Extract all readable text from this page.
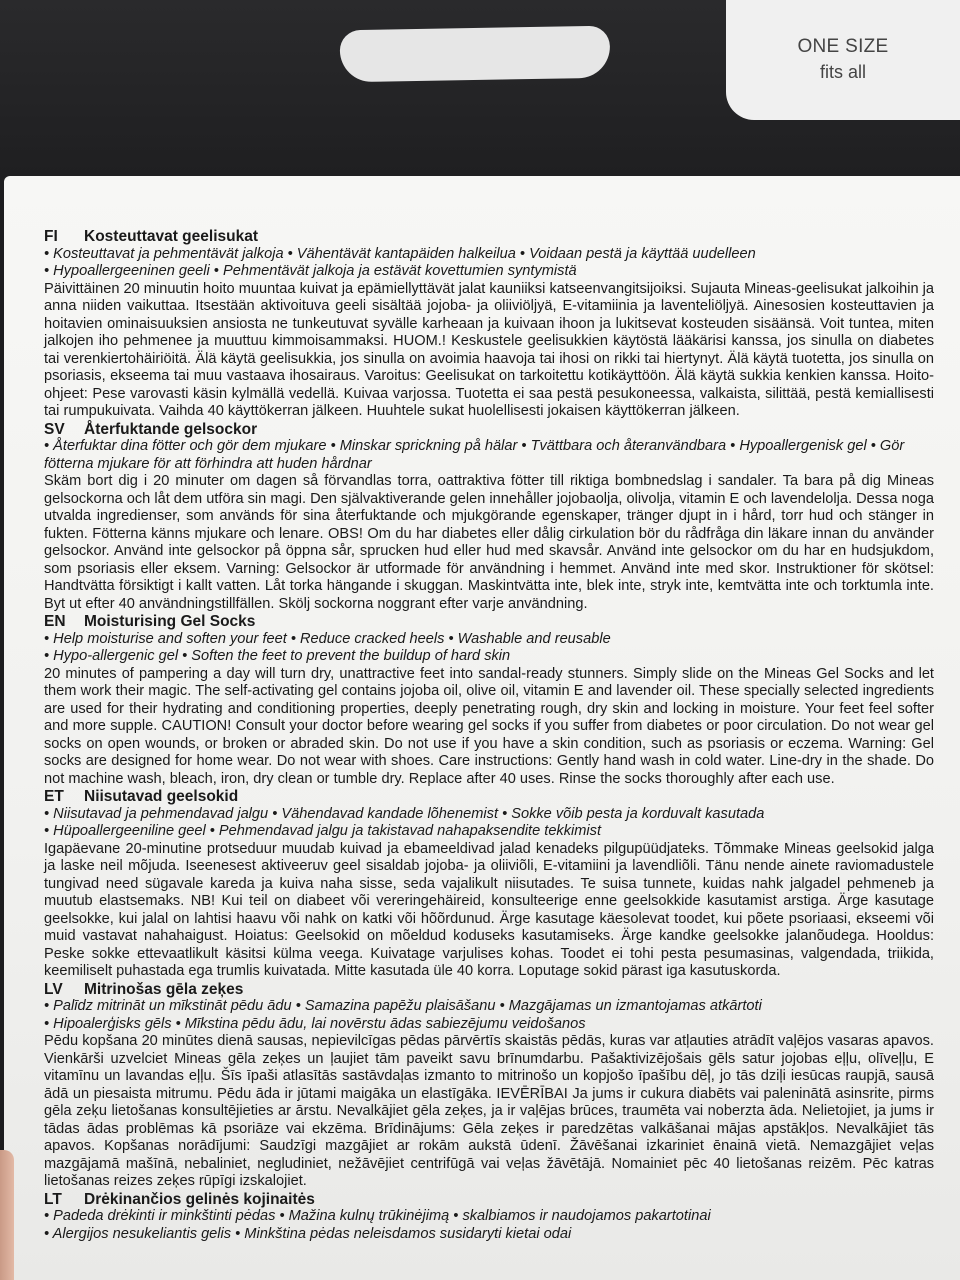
ONE SIZE
fits all

FI Kosteuttavat geelisukat

• Kosteuttavat ja pehmentävät jalkoja • Vähentävät kantapäiden halkeilua • Voidaan pestä ja käyttää uudelleen

• Hypoallergeeninen geeli • Pehmentävät jalkoja ja estävät kovettumien syntymistä

Päivittäinen 20 minuutin hoito muuntaa kuivat ja epämiellyttävät jalat kauniiksi katseenvangitsijoiksi. Sujauta Mineas-geelisukat jalkoihin ja anna niiden vaikuttaa. Itsestään aktivoituva geeli sisältää jojoba- ja oliiviöljyä, E-vitamiinia ja laventeliöljyä. Ainesosien kosteuttavien ja hoitavien ominaisuuksien ansiosta ne tunkeutuvat syvälle karheaan ja kuivaan ihoon ja lukitsevat kosteuden sisäänsä. Voit tuntea, miten jalkojen iho pehmenee ja muuttuu kimmoisammaksi. HUOM.! Keskustele geelisukkien käytöstä lääkärisi kanssa, jos sinulla on diabetes tai verenkiertohäiriöitä. Älä käytä geelisukkia, jos sinulla on avoimia haavoja tai ihosi on rikki tai hiertynyt. Älä käytä tuotetta, jos sinulla on psoriasis, ekseema tai muu vastaava ihosairaus. Varoitus: Geelisukat on tarkoitettu kotikäyttöön. Älä käytä sukkia kenkien kanssa. Hoito-ohjeet: Pese varovasti käsin kylmällä vedellä. Kuivaa varjossa. Tuotetta ei saa pestä pesukoneessa, valkaista, silittää, pestä kemiallisesti tai rumpukuivata. Vaihda 40 käyttökerran jälkeen. Huuhtele sukat huolellisesti jokaisen käyttökerran jälkeen.

SV Återfuktande gelsockor

• Återfuktar dina fötter och gör dem mjukare • Minskar sprickning på hälar • Tvättbara och återanvändbara • Hypoallergenisk gel • Gör fötterna mjukare för att förhindra att huden hårdnar

Skäm bort dig i 20 minuter om dagen så förvandlas torra, oattraktiva fötter till riktiga bombnedslag i sandaler. Ta bara på dig Mineas gelsockorna och låt dem utföra sin magi. Den självaktiverande gelen innehåller jojobaolja, olivolja, vitamin E och lavendelolja. Dessa noga utvalda ingredienser, som används för sina återfuktande och mjukgörande egenskaper, tränger djupt in i hård, torr hud och stänger in fukten. Fötterna känns mjukare och lenare. OBS! Om du har diabetes eller dålig cirkulation bör du rådfråga din läkare innan du använder gelsockor. Använd inte gelsockor på öppna sår, sprucken hud eller hud med skavsår. Använd inte gelsockor om du har en hudsjukdom, som psoriasis eller eksem. Varning: Gelsockor är utformade för användning i hemmet. Använd inte med skor. Instruktioner för skötsel: Handtvätta försiktigt i kallt vatten. Låt torka hängande i skuggan. Maskintvätta inte, blek inte, stryk inte, kemtvätta inte och torktumla inte. Byt ut efter 40 användningstillfällen. Skölj sockorna noggrant efter varje användning.

EN Moisturising Gel Socks

• Help moisturise and soften your feet • Reduce cracked heels • Washable and reusable

• Hypo-allergenic gel • Soften the feet to prevent the buildup of hard skin

20 minutes of pampering a day will turn dry, unattractive feet into sandal-ready stunners. Simply slide on the Mineas Gel Socks and let them work their magic. The self-activating gel contains jojoba oil, olive oil, vitamin E and lavender oil. These specially selected ingredients are used for their hydrating and conditioning properties, deeply penetrating rough, dry skin and locking in moisture. Your feet feel softer and more supple. CAUTION! Consult your doctor before wearing gel socks if you suffer from diabetes or poor circulation. Do not wear gel socks on open wounds, or broken or abraded skin. Do not use if you have a skin condition, such as psoriasis or eczema. Warning: Gel socks are designed for home wear. Do not wear with shoes. Care instructions: Gently hand wash in cold water. Line-dry in the shade. Do not machine wash, bleach, iron, dry clean or tumble dry. Replace after 40 uses. Rinse the socks thoroughly after each use.

ET Niisutavad geelsokid

• Niisutavad ja pehmendavad jalgu • Vähendavad kandade lõhenemist • Sokke võib pesta ja korduvalt kasutada

• Hüpoallergeeniline geel • Pehmendavad jalgu ja takistavad nahapaksendite tekkimist

Igapäevane 20-minutine protseduur muudab kuivad ja ebameeldivad jalad kenadeks pilgupüüdjateks. Tõmmake Mineas geelsokid jalga ja laske neil mõjuda. Iseenesest aktiveeruv geel sisaldab jojoba- ja oliiviõli, E-vitamiini ja lavendliõli. Tänu nende ainete raviomadustele tungivad need sügavale kareda ja kuiva naha sisse, seda vajalikult niisutades. Te suisa tunnete, kuidas nahk jalgadel pehmeneb ja muutub elastsemaks. NB! Kui teil on diabeet või vereringehäireid, konsulteerige enne geelsokkide kasutamist arstiga. Ärge kasutage geelsokke, kui jalal on lahtisi haavu või nahk on katki või hõõrdunud. Ärge kasutage käesolevat toodet, kui põete psoriaasi, ekseemi või muid vastavat nahahaigust. Hoiatus: Geelsokid on mõeldud koduseks kasutamiseks. Ärge kandke geelsokke jalanõudega. Hooldus: Peske sokke ettevaatlikult käsitsi külma veega. Kuivatage varjulises kohas. Toodet ei tohi pesta pesumasinas, valgendada, triikida, keemiliselt puhastada ega trumlis kuivatada. Mitte kasutada üle 40 korra. Loputage sokid pärast iga kasutuskorda.

LV Mitrinošas gēla zeķes

• Palīdz mitrināt un mīkstināt pēdu ādu • Samazina papēžu plaisāšanu • Mazgājamas un izmantojamas atkārtoti

• Hipoalerģisks gēls • Mīkstina pēdu ādu, lai novērstu ādas sabiezējumu veidošanos

Pēdu kopšana 20 minūtes dienā sausas, nepievilcīgas pēdas pārvērtīs skaistās pēdās, kuras var atļauties atrādīt vaļējos vasaras apavos. Vienkārši uzvelciet Mineas gēla zeķes un ļaujiet tām paveikt savu brīnumdarbu. Pašaktivizējošais gēls satur jojobas eļļu, olīveļļu, E vitamīnu un lavandas eļļu. Šīs īpaši atlasītās sastāvdaļas izmanto to mitrinošo un kopjošo īpašību dēļ, jo tās dziļi iesūcas raupjā, sausā ādā un piesaista mitrumu. Pēdu āda ir jūtami maigāka un elastīgāka. IEVĒRĪBAI Ja jums ir cukura diabēts vai paleninātā asinsrite, pirms gēla zeķu lietošanas konsultējieties ar ārstu. Nevalkājiet gēla zeķes, ja ir vaļējas brūces, traumēta vai noberzta āda. Nelietojiet, ja jums ir tādas ādas problēmas kā psoriāze vai ekzēma. Brīdinājums: Gēla zeķes ir paredzētas valkāšanai mājas apstākļos. Nevalkājiet tās apavos. Kopšanas norādījumi: Saudzīgi mazgājiet ar rokām aukstā ūdenī. Žāvēšanai izkariniet ēnainā vietā. Nemazgājiet veļas mazgājamā mašīnā, nebaliniet, negludiniet, nežāvējiet centrifūgā vai veļas žāvētājā. Nomainiet pēc 40 lietošanas reizēm. Pēc katras lietošanas reizes zeķes rūpīgi izskalojiet.

LT Drėkinančios gelinės kojinaitės

• Padeda drėkinti ir minkštinti pėdas • Mažina kulnų trūkinėjimą • skalbiamos ir naudojamos pakartotinai

• Alergijos nesukeliantis gelis • Minkština pėdas neleisdamos susidaryti kietai odai
